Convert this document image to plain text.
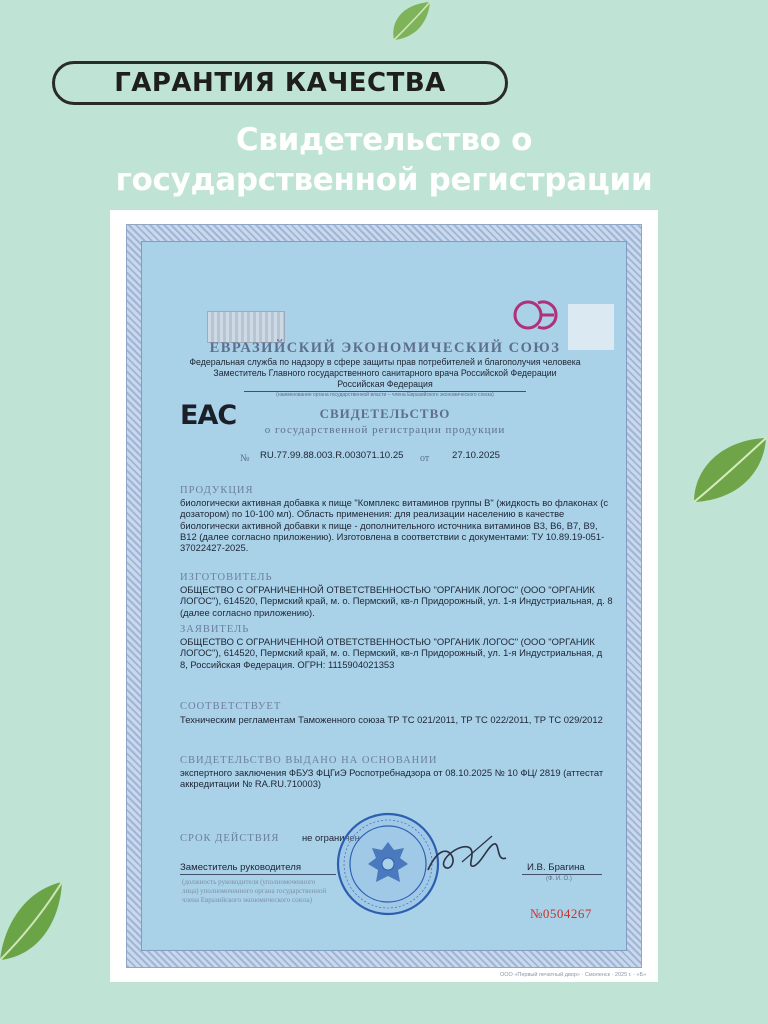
ГАРАНТИЯ КАЧЕСТВА
Свидетельство о
государственной регистрации
ЕВРАЗИЙСКИЙ ЭКОНОМИЧЕСКИЙ СОЮЗ
Федеральная служба по надзору в сфере защиты прав потребителей и благополучия человека
Заместитель Главного государственного санитарного врача Российской Федерации
Российская Федерация
(наименование органа государственной власти – члена Евразийского экономического союза)
EAC	СВИДЕТЕЛЬСТВО
о государственной регистрации продукции
№ RU.77.99.88.003.R.003071.10.25 от 27.10.2025
ПРОДУКЦИЯ
биологически активная добавка к пище "Комплекс витаминов группы В" (жидкость во флаконах (с
дозатором) по 10-100 мл). Область применения: для реализации населению в качестве
биологически активной добавки к пище - дополнительного источника витаминов В3, В6, В7, В9,
В12 (далее согласно приложению). Изготовлена в соответствии с документами: ТУ 10.89.19-051-
37022427-2025.
ИЗГОТОВИТЕЛЬ
ОБЩЕСТВО С ОГРАНИЧЕННОЙ ОТВЕТСТВЕННОСТЬЮ "ОРГАНИК ЛОГОС" (ООО "ОРГАНИК
ЛОГОС"), 614520, Пермский край, м. о. Пермский, кв-л Придорожный, ул. 1-я Индустриальная, д. 8
(далее согласно приложению).
ЗАЯВИТЕЛЬ
ОБЩЕСТВО С ОГРАНИЧЕННОЙ ОТВЕТСТВЕННОСТЬЮ "ОРГАНИК ЛОГОС" (ООО "ОРГАНИК
ЛОГОС"), 614520, Пермский край, м. о. Пермский, кв-л Придорожный, ул. 1-я Индустриальная, д
8, Российская Федерация. ОГРН: 1115904021353
СООТВЕТСТВУЕТ
Техническим регламентам Таможенного союза ТР ТС 021/2011, ТР ТС 022/2011, ТР ТС 029/2012
СВИДЕТЕЛЬСТВО ВЫДАНО НА ОСНОВАНИИ
экспертного заключения ФБУЗ ФЦГиЭ Роспотребнадзора от 08.10.2025 № 10 ФЦ/ 2819 (аттестат
аккредитации № RA.RU.710003)
СРОК ДЕЙСТВИЯ не ограничен
Заместитель руководителя	И.В. Брагина
(Ф. И. О.)
(должность руководителя (уполномоченного
лица) уполномоченного органа государственной
члена Евразийского экономического союза)
№0504267
ООО «Первый печатный двор» · Смоленск · 2025 г. · «Б»
